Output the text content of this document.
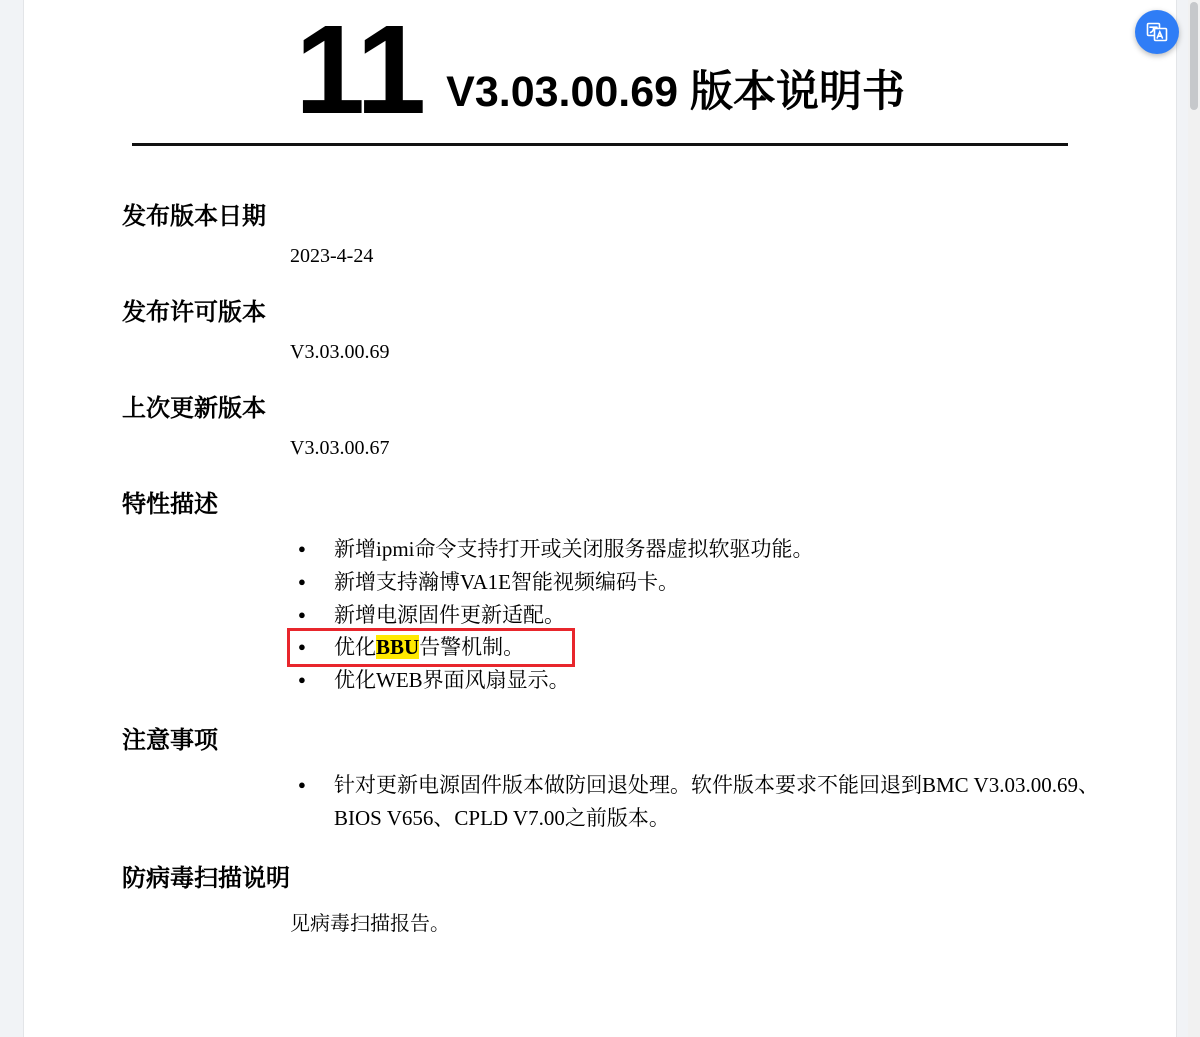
11 V3.03.00.69 版本说明书
发布版本日期
2023-4-24
发布许可版本
V3.03.00.69
上次更新版本
V3.03.00.67
特性描述
● 新增ipmi命令支持打开或关闭服务器虚拟软驱功能。
● 新增支持瀚博VA1E智能视频编码卡。
● 新增电源固件更新适配。
● 优化BBU告警机制。
● 优化WEB界面风扇显示。
注意事项
● 针对更新电源固件版本做防回退处理。软件版本要求不能回退到BMC V3.03.00.69、BIOS V656、CPLD V7.00之前版本。
防病毒扫描说明
见病毒扫描报告。
